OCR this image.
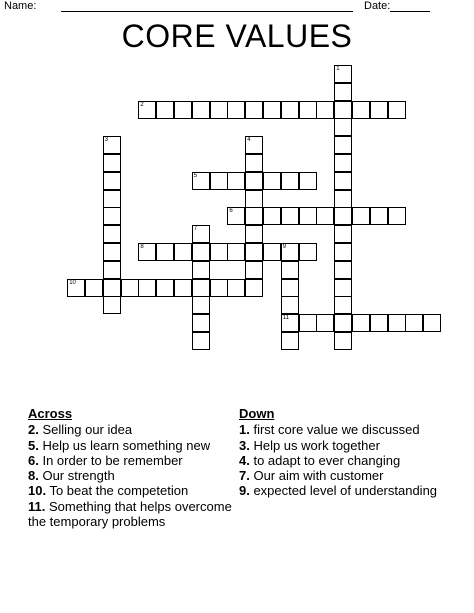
Name:	Date:
CORE VALUES
1
2
3	4
5
6
7
8	9
11
10
Across
2. Selling our idea
5. Help us learn something new
6. In order to be remember
8. Our strength
10. To beat the competetion
11. Something that helps overcome the temporary problems
Down
1. first core value we discussed
3. Help us work together
4. to adapt to ever changing
7. Our aim with customer
9. expected level of understanding
